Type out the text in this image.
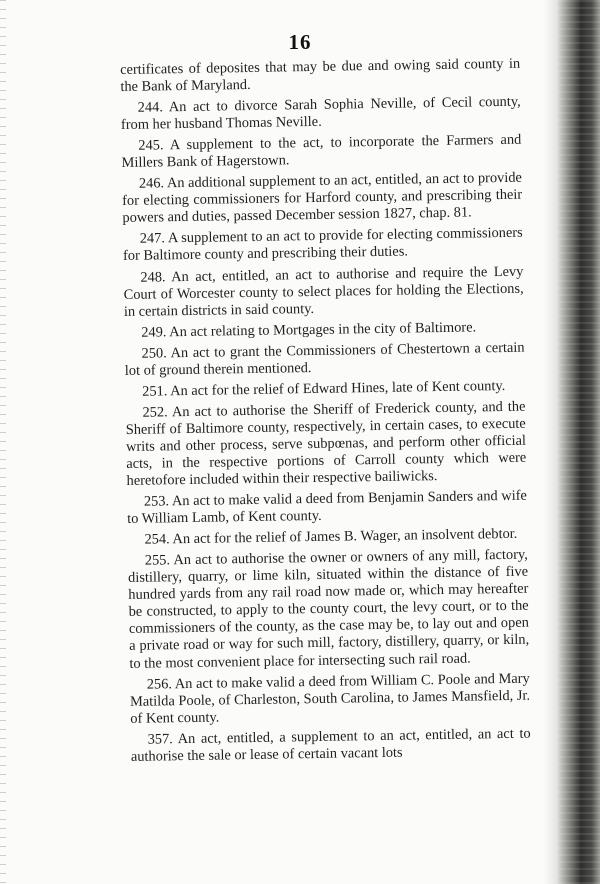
16

certificates of deposites that may be due and owing said county in the Bank of Maryland.

244. An act to divorce Sarah Sophia Neville, of Cecil county, from her husband Thomas Neville.

245. A supplement to the act, to incorporate the Farmers and Millers Bank of Hagerstown.

246. An additional supplement to an act, entitled, an act to provide for electing commissioners for Harford county, and prescribing their powers and duties, passed December session 1827, chap. 81.

247. A supplement to an act to provide for electing commissioners for Baltimore county and prescribing their duties.

248. An act, entitled, an act to authorise and require the Levy Court of Worcester county to select places for holding the Elections, in certain districts in said county.

249. An act relating to Mortgages in the city of Baltimore.

250. An act to grant the Commissioners of Chestertown a certain lot of ground therein mentioned.

251. An act for the relief of Edward Hines, late of Kent county.

252. An act to authorise the Sheriff of Frederick county, and the Sheriff of Baltimore county, respectively, in certain cases, to execute writs and other process, serve subpœnas, and perform other official acts, in the respective portions of Carroll county which were heretofore included within their respective bailiwicks.

253. An act to make valid a deed from Benjamin Sanders and wife to William Lamb, of Kent county.

254. An act for the relief of James B. Wager, an insolvent debtor.

255. An act to authorise the owner or owners of any mill, factory, distillery, quarry, or lime kiln, situated within the distance of five hundred yards from any rail road now made or, which may hereafter be constructed, to apply to the county court, the levy court, or to the commissioners of the county, as the case may be, to lay out and open a private road or way for such mill, factory, distillery, quarry, or kiln, to the most convenient place for intersecting such rail road.

256. An act to make valid a deed from William C. Poole and Mary Matilda Poole, of Charleston, South Carolina, to James Mansfield, Jr. of Kent county.

357. An act, entitled, a supplement to an act, entitled, an act to authorise the sale or lease of certain vacant lots
